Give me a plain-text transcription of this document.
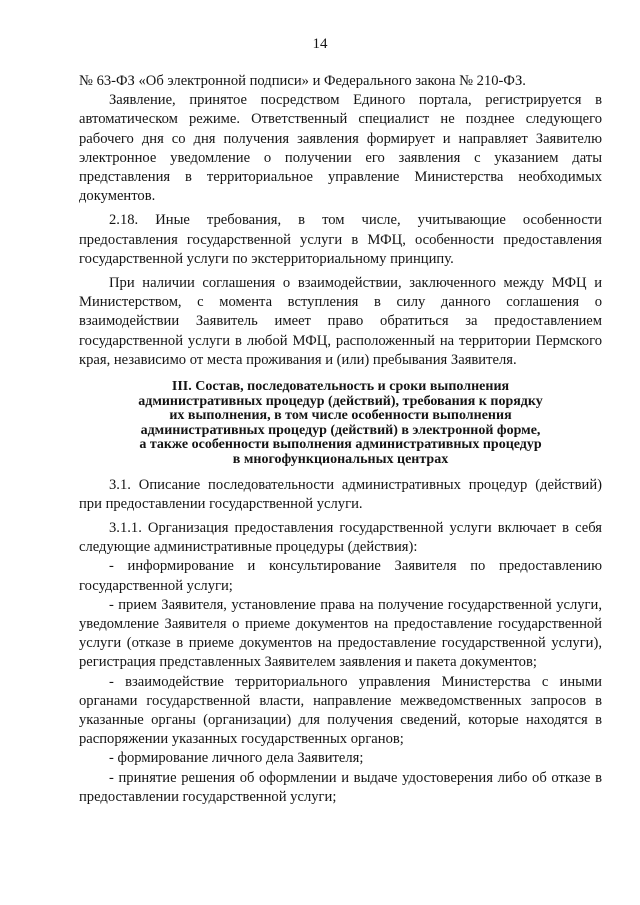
14

№ 63-ФЗ «Об электронной подписи» и Федерального закона № 210-ФЗ.

Заявление, принятое посредством Единого портала, регистрируется в автоматическом режиме. Ответственный специалист не позднее следующего рабочего дня со дня получения заявления формирует и направляет Заявителю электронное уведомление о получении его заявления с указанием даты представления в территориальное управление Министерства необходимых документов.

2.18. Иные требования, в том числе, учитывающие особенности предоставления государственной услуги в МФЦ, особенности предоставления государственной услуги по экстерриториальному принципу.

При наличии соглашения о взаимодействии, заключенного между МФЦ и Министерством, с момента вступления в силу данного соглашения о взаимодействии Заявитель имеет право обратиться за предоставлением государственной услуги в любой МФЦ, расположенный на территории Пермского края, независимо от места проживания и (или) пребывания Заявителя.

III. Состав, последовательность и сроки выполнения
административных процедур (действий), требования к порядку
их выполнения, в том числе особенности выполнения
административных процедур (действий) в электронной форме,
а также особенности выполнения административных процедур
в многофункциональных центрах

3.1. Описание последовательности административных процедур (действий) при предоставлении государственной услуги.

3.1.1. Организация предоставления государственной услуги включает в себя следующие административные процедуры (действия):

- информирование и консультирование Заявителя по предоставлению государственной услуги;

- прием Заявителя, установление права на получение государственной услуги, уведомление Заявителя о приеме документов на предоставление государственной услуги (отказе в приеме документов на предоставление государственной услуги), регистрация представленных Заявителем заявления и пакета документов;

- взаимодействие территориального управления Министерства с иными органами государственной власти, направление межведомственных запросов в указанные органы (организации) для получения сведений, которые находятся в распоряжении указанных государственных органов;

- формирование личного дела Заявителя;

- принятие решения об оформлении и выдаче удостоверения либо об отказе в предоставлении государственной услуги;
